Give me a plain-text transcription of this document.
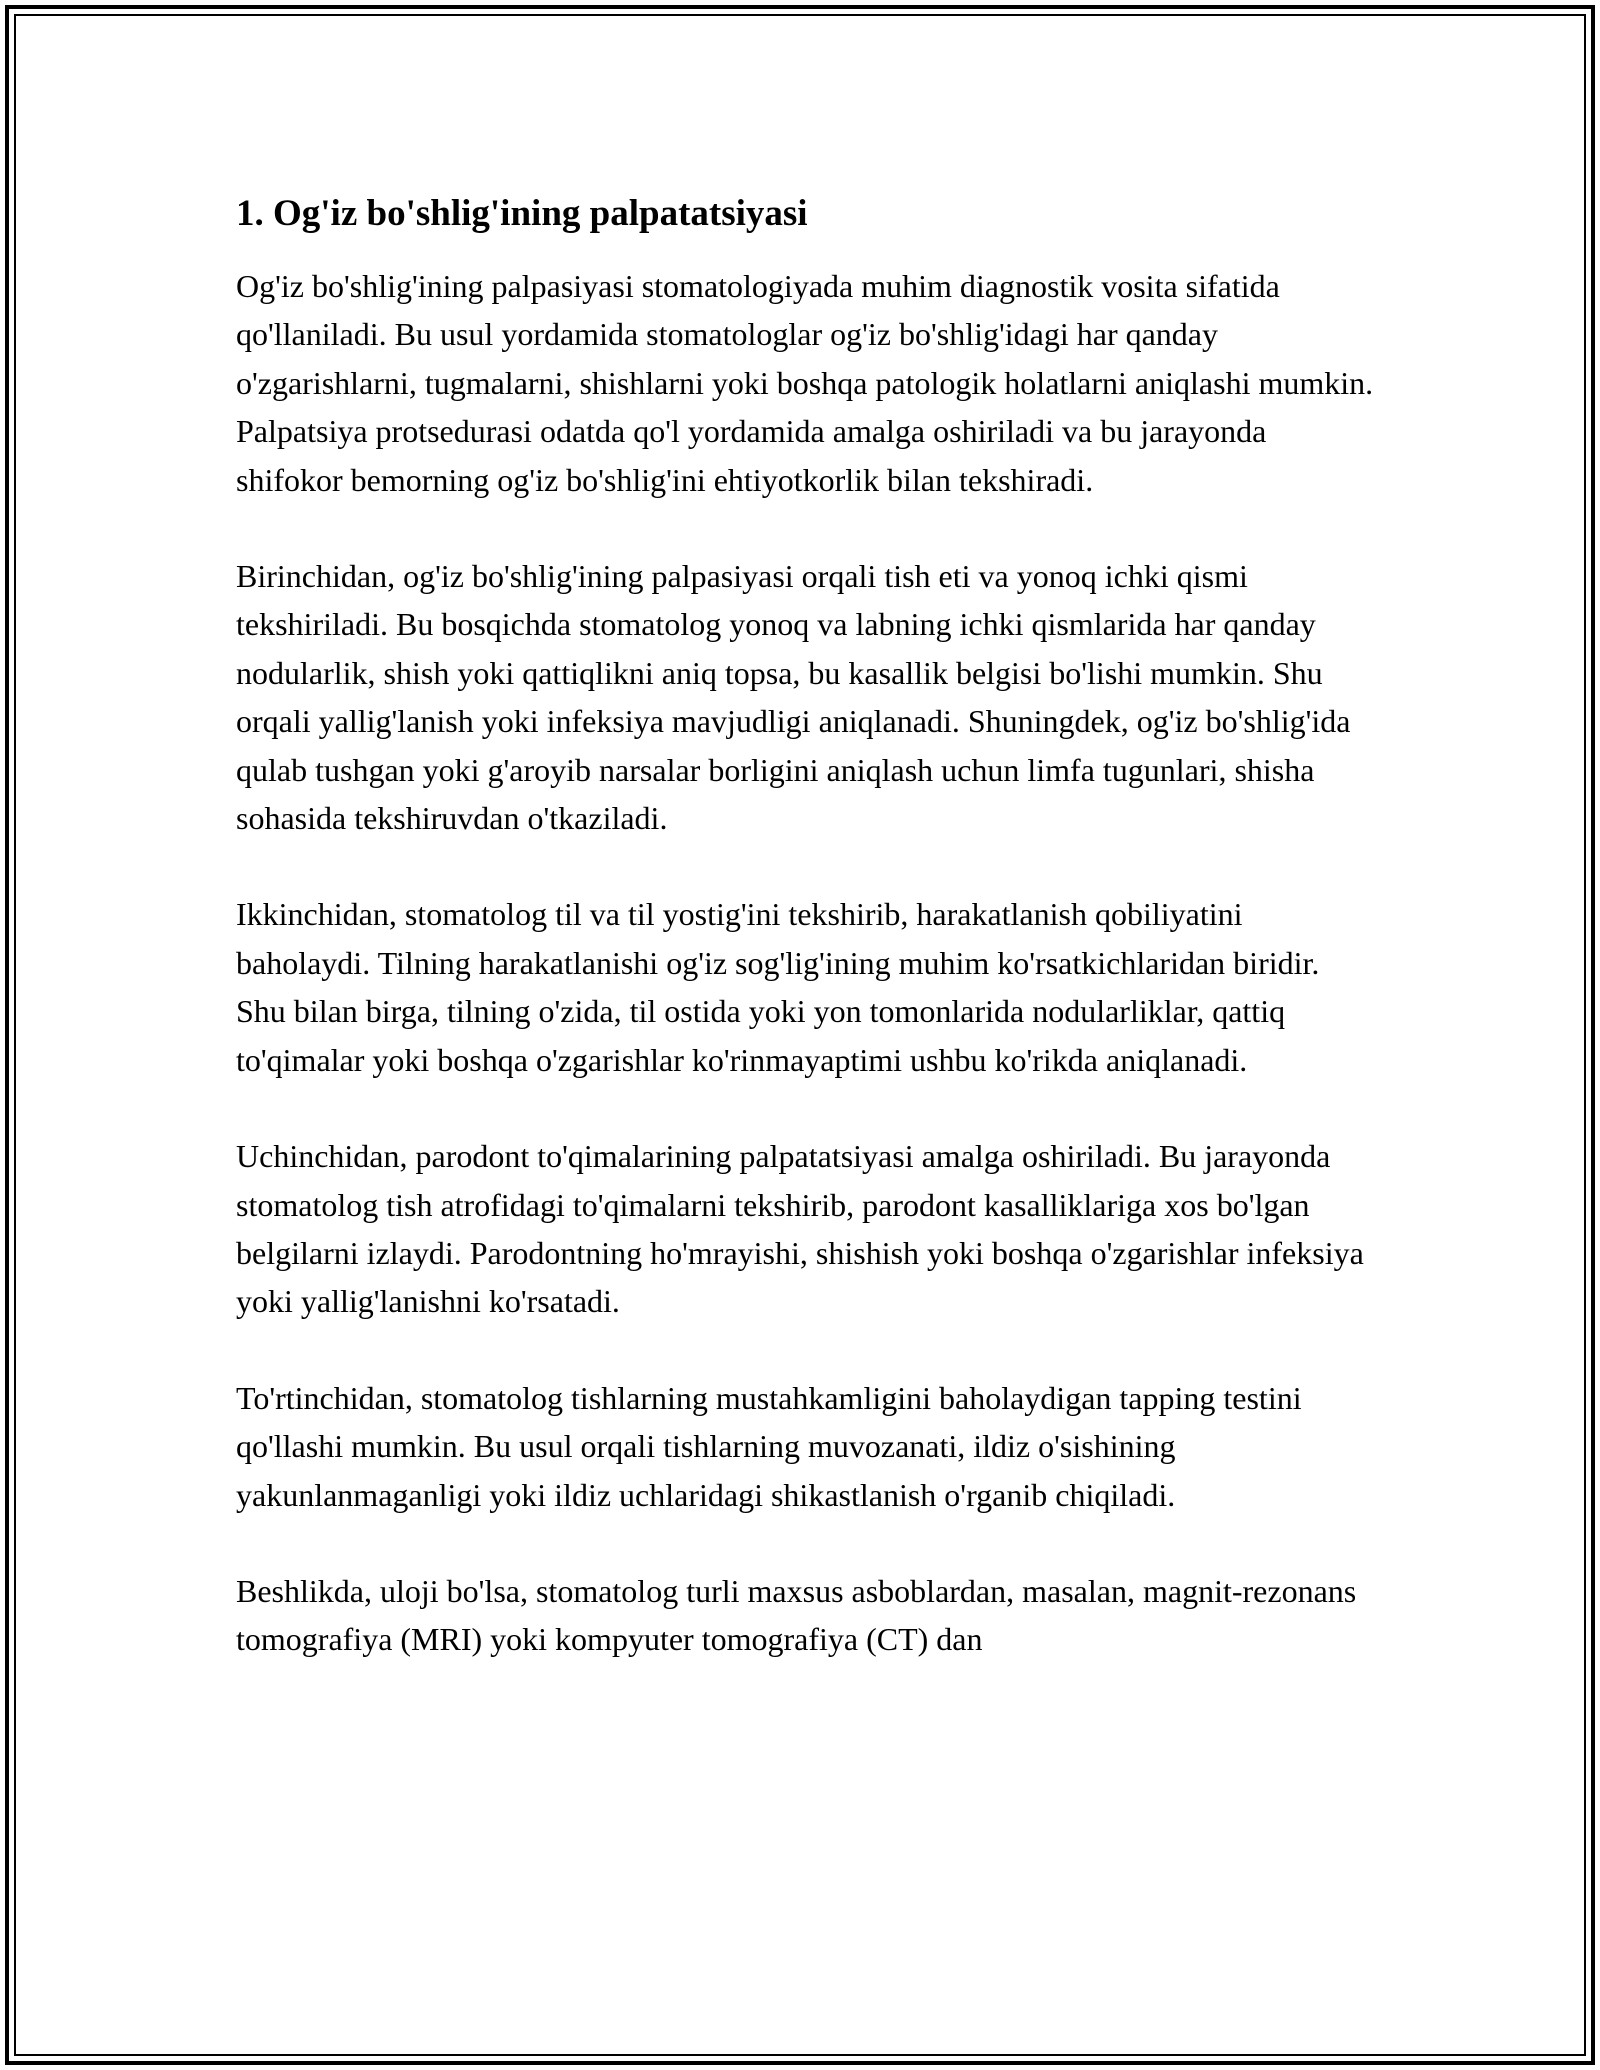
1. Og'iz bo'shlig'ining palpatatsiyasi

Og'iz bo'shlig'ining palpasiyasi stomatologiyada muhim diagnostik vosita sifatida qo'llaniladi. Bu usul yordamida stomatologlar og'iz bo'shlig'idagi har qanday o'zgarishlarni, tugmalarni, shishlarni yoki boshqa patologik holatlarni aniqlashi mumkin. Palpatsiya protsedurasi odatda qo'l yordamida amalga oshiriladi va bu jarayonda shifokor bemorning og'iz bo'shlig'ini ehtiyotkorlik bilan tekshiradi.

Birinchidan, og'iz bo'shlig'ining palpasiyasi orqali tish eti va yonoq ichki qismi tekshiriladi. Bu bosqichda stomatolog yonoq va labning ichki qismlarida har qanday nodularlik, shish yoki qattiqlikni aniq topsa, bu kasallik belgisi bo'lishi mumkin. Shu orqali yallig'lanish yoki infeksiya mavjudligi aniqlanadi. Shuningdek, og'iz bo'shlig'ida qulab tushgan yoki g'aroyib narsalar borligini aniqlash uchun limfa tugunlari, shisha sohasida tekshiruvdan o'tkaziladi.

Ikkinchidan, stomatolog til va til yostig'ini tekshirib, harakatlanish qobiliyatini baholaydi. Tilning harakatlanishi og'iz sog'lig'ining muhim ko'rsatkichlaridan biridir. Shu bilan birga, tilning o'zida, til ostida yoki yon tomonlarida nodularliklar, qattiq to'qimalar yoki boshqa o'zgarishlar ko'rinmayaptimi ushbu ko'rikda aniqlanadi.

Uchinchidan, parodont to'qimalarining palpatatsiyasi amalga oshiriladi. Bu jarayonda stomatolog tish atrofidagi to'qimalarni tekshirib, parodont kasalliklariga xos bo'lgan belgilarni izlaydi. Parodontning ho'mrayishi, shishish yoki boshqa o'zgarishlar infeksiya yoki yallig'lanishni ko'rsatadi.

To'rtinchidan, stomatolog tishlarning mustahkamligini baholaydigan tapping testini qo'llashi mumkin. Bu usul orqali tishlarning muvozanati, ildiz o'sishining yakunlanmaganligi yoki ildiz uchlaridagi shikastlanish o'rganib chiqiladi.

Beshlikda, uloji bo'lsa, stomatolog turli maxsus asboblardan, masalan, magnit-rezonans tomografiya (MRI) yoki kompyuter tomografiya (CT) dan
